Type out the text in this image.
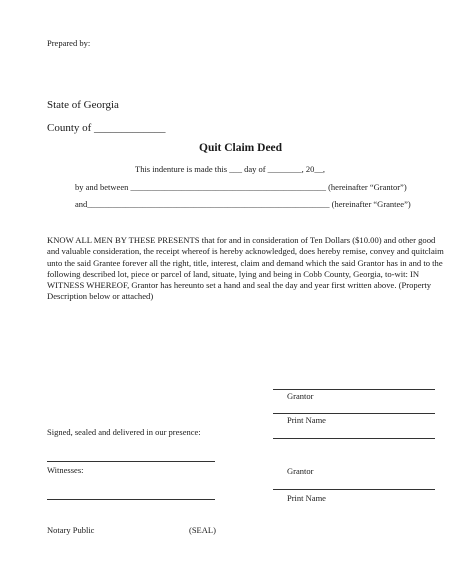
Prepared by:
State of Georgia
County of _____________
Quit Claim Deed
This indenture is made this ___ day of ________, 20__,
by and between ______________________________________________ (hereinafter “Grantor”)
and_________________________________________________________ (hereinafter “Grantee”)
KNOW ALL MEN BY THESE PRESENTS that for and in consideration of Ten Dollars ($10.00) and other good and valuable consideration, the receipt whereof is hereby acknowledged, does hereby remise, convey and quitclaim unto the said Grantee forever all the right, title, interest, claim and demand which the said Grantor has in and to the following described lot, piece or parcel of land, situate, lying and being in Cobb County, Georgia, to-wit: IN WITNESS WHEREOF, Grantor has hereunto set a hand and seal the day and year first written above. (Property Description below or attached)
Grantor
Print Name
Signed, sealed and delivered in our presence:
Witnesses:	Grantor
Print Name
Notary Public	(SEAL)
